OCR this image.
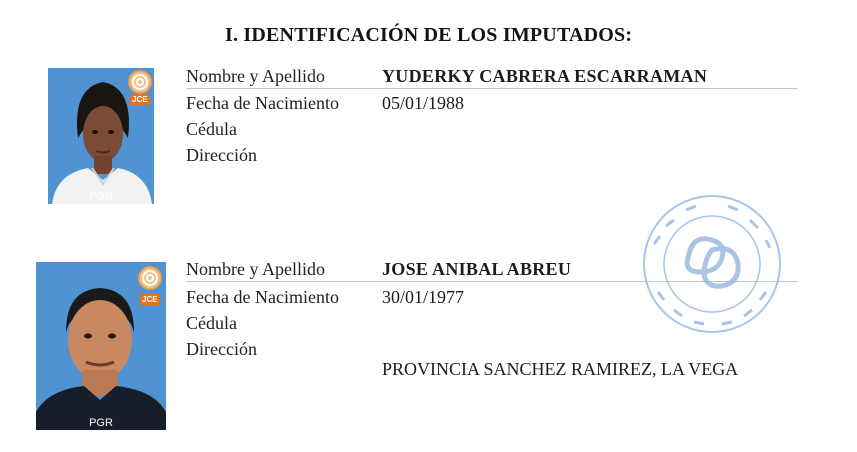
I. IDENTIFICACIÓN DE LOS IMPUTADOS:
JCE
PGR
Nombre y Apellido	YUDERKY CABRERA ESCARRAMAN
Fecha de Nacimiento 05/01/1988
Cédula
Dirección
JCE
PGR
Nombre y Apellido	JOSE ANIBAL ABREU
Fecha de Nacimiento 30/01/1977
Cédula
Dirección
PROVINCIA SANCHEZ RAMIREZ, LA VEGA
